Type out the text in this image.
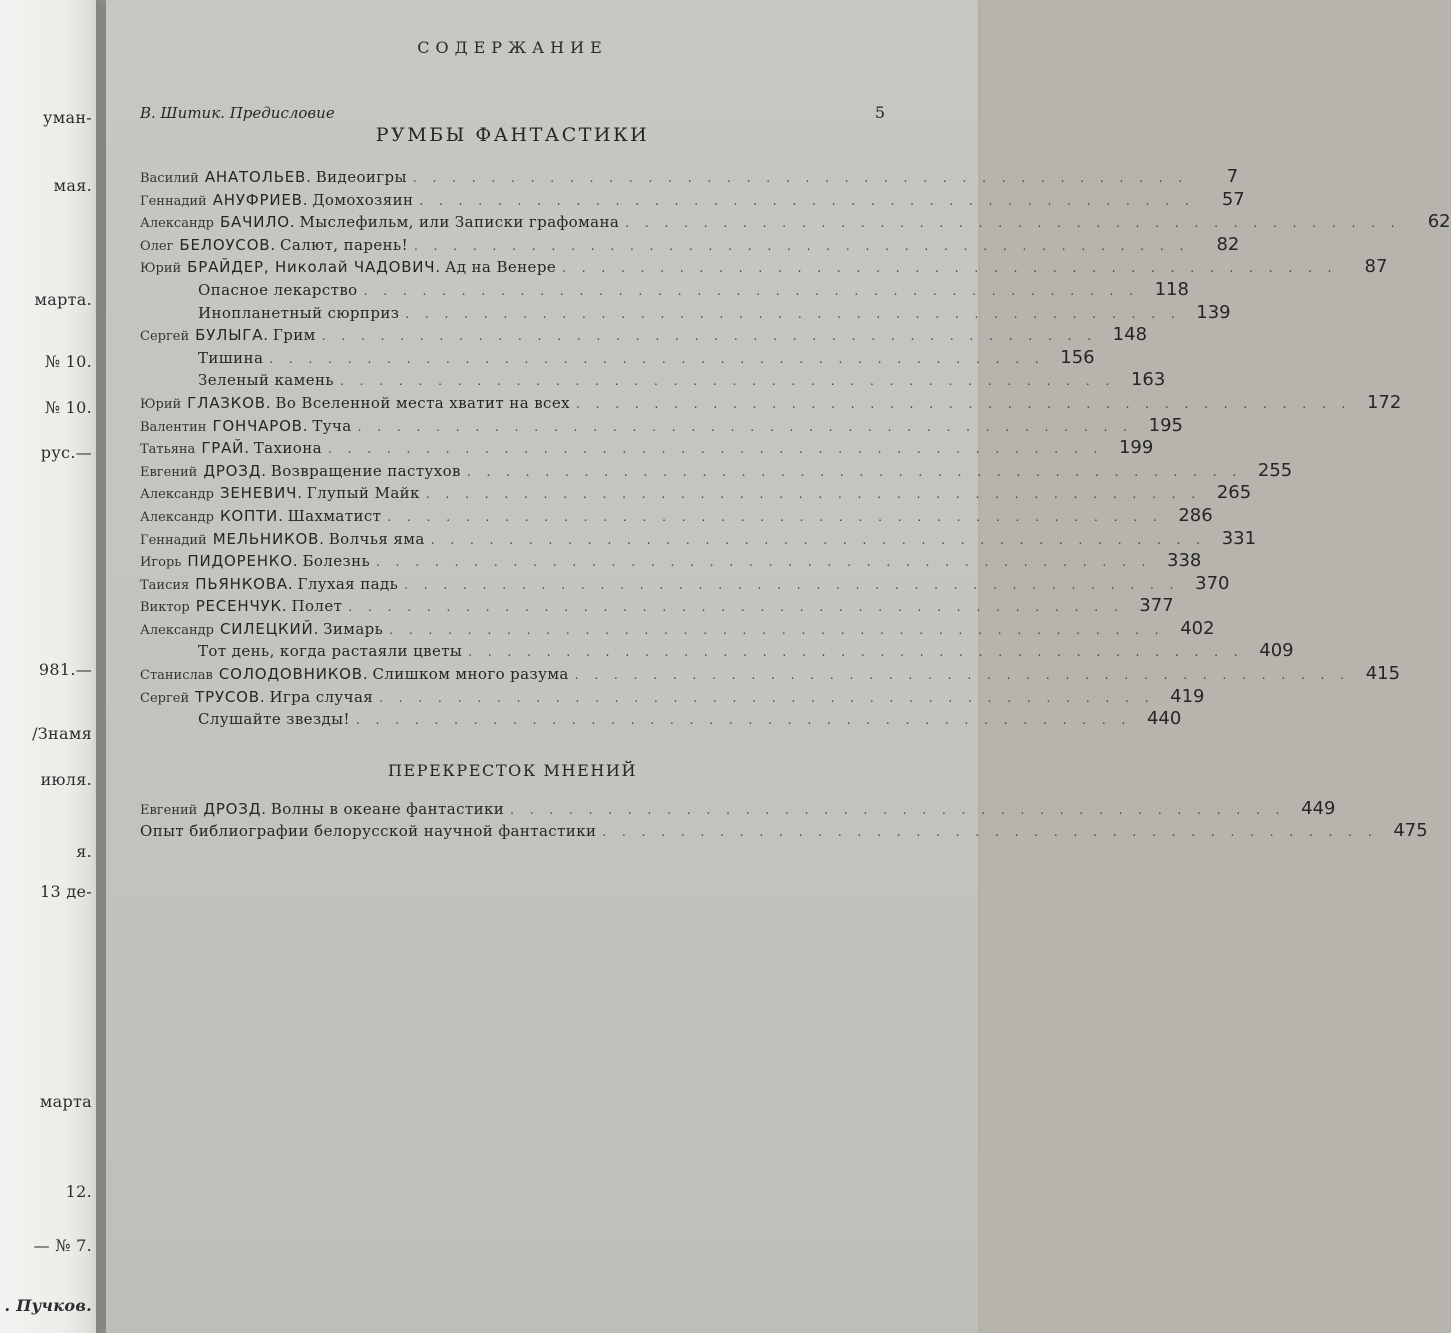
уман-
мая.
марта.
№ 10.
№ 10.
рус.—
981.—
/Знамя
июля.
я.
13 де-
марта
12.
— № 7.
. Пучков.
СОДЕРЖАНИЕ
В. Шитик. Предисловие	5
РУМБЫ ФАНТАСТИКИ
Василий АНАТОЛЬЕВ. Видеоигры . . . . . . . . . . . . . . . . . . . . . . . . . . . . . . . . . . . . . . . .	7
Геннадий АНУФРИЕВ. Домохозяин . . . . . . . . . . . . . . . . . . . . . . . . . . . . . . . . . . . . . . . .	57
Александр БАЧИЛО. Мыслефильм, или Записки графомана . . . . . . . . . . . . . . . . . . . . . . . . . . . . . . . . . . . . . . . .	62
Олег БЕЛОУСОВ. Салют, парень! . . . . . . . . . . . . . . . . . . . . . . . . . . . . . . . . . . . . . . . .	82
Юрий БРАЙДЕР, Николай ЧАДОВИЧ. Ад на Венере . . . . . . . . . . . . . . . . . . . . . . . . . . . . . . . . . . . . . . . .	87
Опасное лекарство . . . . . . . . . . . . . . . . . . . . . . . . . . . . . . . . . . . . . . . . 118
Инопланетный сюрприз . . . . . . . . . . . . . . . . . . . . . . . . . . . . . . . . . . . . . . . . 139
Сергей БУЛЫГА. Грим . . . . . . . . . . . . . . . . . . . . . . . . . . . . . . . . . . . . . . . . 148
Тишина . . . . . . . . . . . . . . . . . . . . . . . . . . . . . . . . . . . . . . . . 156
Зеленый камень . . . . . . . . . . . . . . . . . . . . . . . . . . . . . . . . . . . . . . . . 163
Юрий ГЛАЗКОВ. Во Вселенной места хватит на всех . . . . . . . . . . . . . . . . . . . . . . . . . . . . . . . . . . . . . . . . 172
Валентин ГОНЧАРОВ. Туча . . . . . . . . . . . . . . . . . . . . . . . . . . . . . . . . . . . . . . . . 195
Татьяна ГРАЙ. Тахиона . . . . . . . . . . . . . . . . . . . . . . . . . . . . . . . . . . . . . . . . 199
Евгений ДРОЗД. Возвращение пастухов . . . . . . . . . . . . . . . . . . . . . . . . . . . . . . . . . . . . . . . . 255
Александр ЗЕНЕВИЧ. Глупый Майк . . . . . . . . . . . . . . . . . . . . . . . . . . . . . . . . . . . . . . . . 265
Александр КОПТИ. Шахматист . . . . . . . . . . . . . . . . . . . . . . . . . . . . . . . . . . . . . . . . 286
Геннадий МЕЛЬНИКОВ. Волчья яма . . . . . . . . . . . . . . . . . . . . . . . . . . . . . . . . . . . . . . . . 331
Игорь ПИДОРЕНКО. Болезнь . . . . . . . . . . . . . . . . . . . . . . . . . . . . . . . . . . . . . . . . 338
Таисия ПЬЯНКОВА. Глухая падь . . . . . . . . . . . . . . . . . . . . . . . . . . . . . . . . . . . . . . . . 370
Виктор РЕСЕНЧУК. Полет . . . . . . . . . . . . . . . . . . . . . . . . . . . . . . . . . . . . . . . . 377
Александр СИЛЕЦКИЙ. Зимарь . . . . . . . . . . . . . . . . . . . . . . . . . . . . . . . . . . . . . . . . 402
Тот день, когда растаяли цветы . . . . . . . . . . . . . . . . . . . . . . . . . . . . . . . . . . . . . . . . 409
Станислав СОЛОДОВНИКОВ. Слишком много разума . . . . . . . . . . . . . . . . . . . . . . . . . . . . . . . . . . . . . . . . 415
Сергей ТРУСОВ. Игра случая . . . . . . . . . . . . . . . . . . . . . . . . . . . . . . . . . . . . . . . . 419
Слушайте звезды! . . . . . . . . . . . . . . . . . . . . . . . . . . . . . . . . . . . . . . . . 440
ПЕРЕКРЕСТОК МНЕНИЙ
Евгений ДРОЗД. Волны в океане фантастики . . . . . . . . . . . . . . . . . . . . . . . . . . . . . . . . . . . . . . . . 449
Опыт библиографии белорусской научной фантастики . . . . . . . . . . . . . . . . . . . . . . . . . . . . . . . . . . . . . . . . 475
